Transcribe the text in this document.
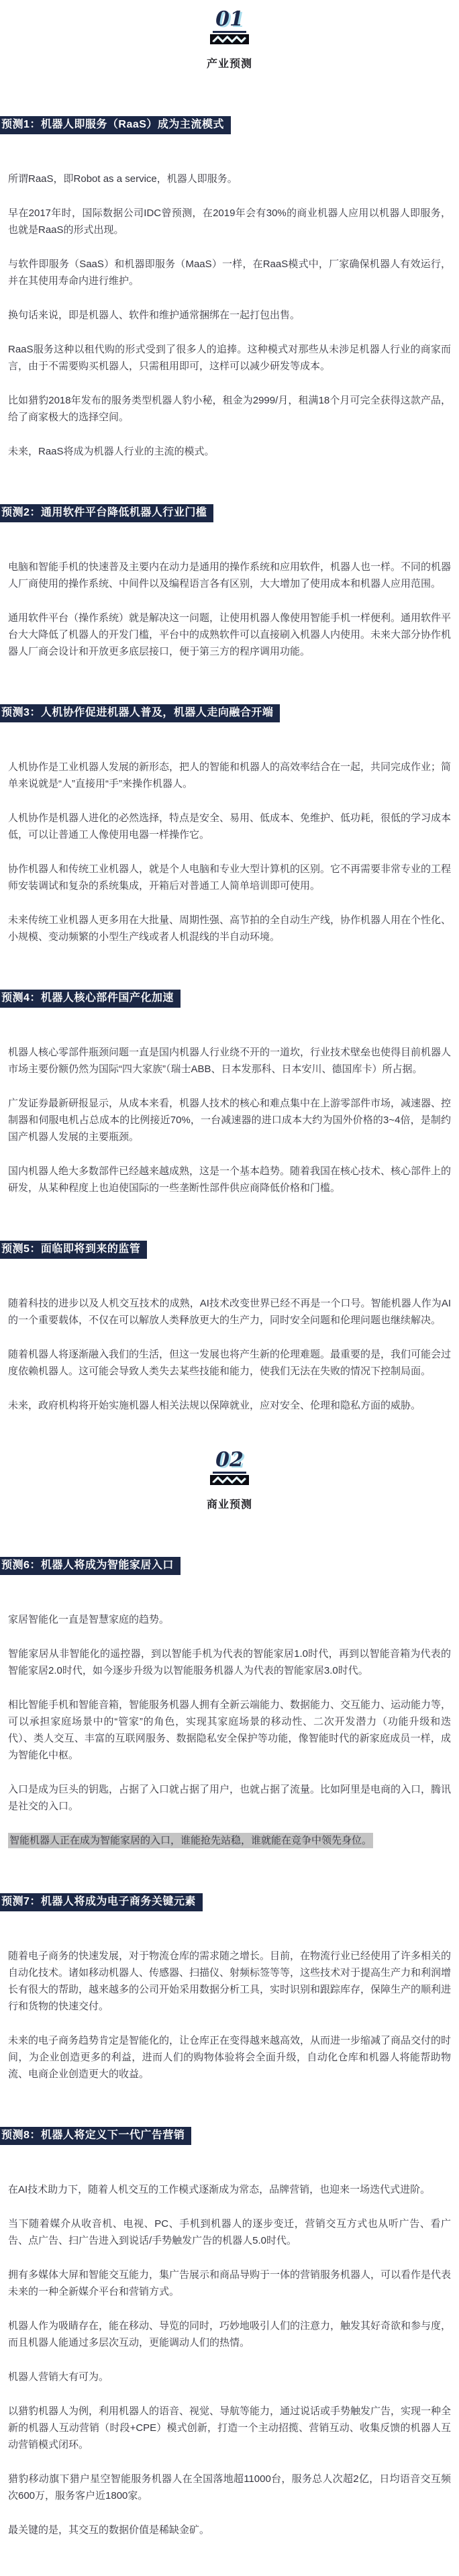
01
产业预测
预测1：机器人即服务（RaaS）成为主流模式

所谓RaaS，即Robot as a service，机器人即服务。

早在2017年时，国际数据公司IDC曾预测，在2019年会有30%的商业机器人应用以机器人即服务，也就是RaaS的形式出现。

与软件即服务（SaaS）和机器即服务（MaaS）一样，在RaaS模式中，厂家确保机器人有效运行，并在其使用寿命内进行维护。

换句话来说，即是机器人、软件和维护通常捆绑在一起打包出售。

RaaS服务这种以租代购的形式受到了很多人的追捧。这种模式对那些从未涉足机器人行业的商家而言，由于不需要购买机器人，只需租用即可，这样可以减少研发等成本。

比如猎豹2018年发布的服务类型机器人豹小秘，租金为2999/月，租满18个月可完全获得这款产品，给了商家极大的选择空间。

未来，RaaS将成为机器人行业的主流的模式。

预测2：通用软件平台降低机器人行业门槛

电脑和智能手机的快速普及主要内在动力是通用的操作系统和应用软件，机器人也一样。不同的机器人厂商使用的操作系统、中间件以及编程语言各有区别，大大增加了使用成本和机器人应用范围。

通用软件平台（操作系统）就是解决这一问题，让使用机器人像使用智能手机一样便利。通用软件平台大大降低了机器人的开发门槛，平台中的成熟软件可以直接刷入机器人内使用。未来大部分协作机器人厂商会设计和开放更多底层接口，便于第三方的程序调用功能。

预测3：人机协作促进机器人普及，机器人走向融合开端

人机协作是工业机器人发展的新形态，把人的智能和机器人的高效率结合在一起，共同完成作业；简单来说就是“人”直接用“手”来操作机器人。

人机协作是机器人进化的必然选择，特点是安全、易用、低成本、免维护、低功耗，很低的学习成本低，可以让普通工人像使用电器一样操作它。

协作机器人和传统工业机器人，就是个人电脑和专业大型计算机的区别。它不再需要非常专业的工程师安装调试和复杂的系统集成，开箱后对普通工人简单培训即可使用。

未来传统工业机器人更多用在大批量、周期性强、高节拍的全自动生产线，协作机器人用在个性化、小规模、变动频繁的小型生产线或者人机混线的半自动环境。

预测4：机器人核心部件国产化加速

机器人核心零部件瓶颈问题一直是国内机器人行业绕不开的一道坎，行业技术壁垒也使得目前机器人市场主要份额仍然为国际“四大家族”（瑞士ABB、日本发那科、日本安川、德国库卡）所占据。

广发证券最新研报显示，从成本来看，机器人技术的核心和难点集中在上游零部件市场，减速器、控制器和伺服电机占总成本的比例接近70%，一台减速器的进口成本大约为国外价格的3~4倍，是制约国产机器人发展的主要瓶颈。

国内机器人绝大多数部件已经越来越成熟，这是一个基本趋势。随着我国在核心技术、核心部件上的研发，从某种程度上也迫使国际的一些垄断性部件供应商降低价格和门槛。

预测5：面临即将到来的监管

随着科技的进步以及人机交互技术的成熟，AI技术改变世界已经不再是一个口号。智能机器人作为AI的一个重要载体，不仅在可以解放人类释放更大的生产力，同时安全问题和伦理问题也继续解决。

随着机器人将逐渐融入我们的生活，但这一发展也将产生新的伦理难题。最重要的是，我们可能会过度依赖机器人。这可能会导致人类失去某些技能和能力，使我们无法在失败的情况下控制局面。

未来，政府机构将开始实施机器人相关法规以保障就业，应对安全、伦理和隐私方面的威胁。

02
商业预测
预测6：机器人将成为智能家居入口

家居智能化一直是智慧家庭的趋势。

智能家居从非智能化的遥控器，到以智能手机为代表的智能家居1.0时代，再到以智能音箱为代表的智能家居2.0时代，如今逐步升级为以智能服务机器人为代表的智能家居3.0时代。

相比智能手机和智能音箱，智能服务机器人拥有全新云端能力、数据能力、交互能力、运动能力等，可以承担家庭场景中的“管家”的角色，实现其家庭场景的移动性、二次开发潜力（功能升级和迭代）、类人交互、丰富的互联网服务、数据隐私安全保护等功能，像智能时代的新家庭成员一样，成为智能化中枢。

入口是成为巨头的钥匙，占据了入口就占据了用户，也就占据了流量。比如阿里是电商的入口，腾讯是社交的入口。

智能机器人正在成为智能家居的入口，谁能抢先站稳，谁就能在竞争中领先身位。

预测7：机器人将成为电子商务关键元素

随着电子商务的快速发展，对于物流仓库的需求随之增长。目前，在物流行业已经使用了许多相关的自动化技术。诸如移动机器人、传感器、扫描仪、射频标签等等，这些技术对于提高生产力和利润增长有很大的帮助，越来越多的公司开始采用数据分析工具，实时识别和跟踪库存，保障生产的顺利进行和货物的快速交付。

未来的电子商务趋势肯定是智能化的，让仓库正在变得越来越高效，从而进一步缩减了商品交付的时间，为企业创造更多的利益，进而人们的购物体验将会全面升级，自动化仓库和机器人将能帮助物流、电商企业创造更大的收益。

预测8：机器人将定义下一代广告营销

在AI技术助力下，随着人机交互的工作模式逐渐成为常态，品牌营销，也迎来一场迭代式进阶。

当下随着媒介从收音机、电视、PC、手机到机器人的逐步变迁，营销交互方式也从听广告、看广告、点广告、扫广告进入到说话/手势触发广告的机器人5.0时代。

拥有多媒体大屏和智能交互能力，集广告展示和商品导购于一体的营销服务机器人，可以看作是代表未来的一种全新媒介平台和营销方式。

机器人作为吸睛存在，能在移动、导览的同时，巧妙地吸引人们的注意力，触发其好奇欲和参与度，而且机器人能通过多层次互动，更能调动人们的热情。

机器人营销大有可为。

以猎豹机器人为例，利用机器人的语音、视觉、导航等能力，通过说话或手势触发广告，实现一种全新的机器人互动营销（时段+CPE）模式创新，打造一个主动招揽、营销互动、收集反馈的机器人互动营销模式闭环。

猎豹移动旗下猎户星空智能服务机器人在全国落地超11000台，服务总人次超2亿，日均语音交互频次600万，服务客户近1800家。

最关键的是，其交互的数据价值是稀缺金矿。
